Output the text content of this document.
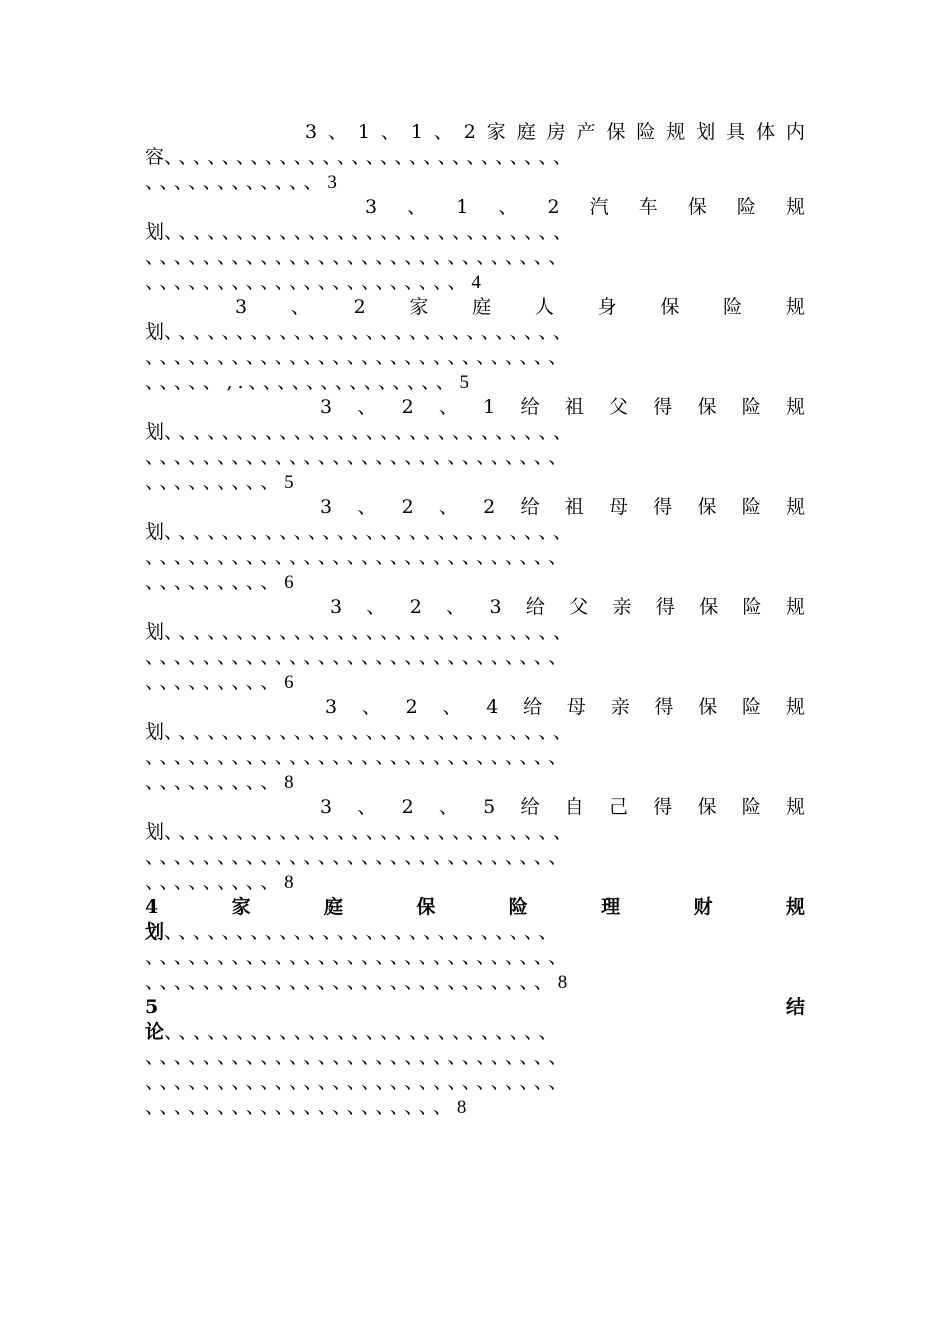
3 、 1 、 1 、 2 家 庭 房 产 保 险 规 划 具 体 内
容、、、、、、、、、、、、、、、、、、、、、、、、、、、、
、、、、、、、、、、、、3
3 、 1 、 2 汽 车 保 险 规
划、、、、、、、、、、、、、、、、、、、、、、、、、、、、
、、、、、、、、、、、、、、、、、、、、、、、、、、、、、
、、、、、、、、、、、、、、、、、、、、、、4
3 、 2 家 庭 人 身 保 险 规
划、、、、、、、、、、、、、、、、、、、、、、、、、、、、
、、、、、、、、、、、、、、、、、、、、、、、、、、、、、
、、、、、,.、、、、、、、、、、、、、、5
3 、 2 、 1 给 祖 父 得 保 险 规
划、、、、、、、、、、、、、、、、、、、、、、、、、、、、
、、、、、、、、、、、、、、、、、、、、、、、、、、、、、
、、、、、、、、、5
3 、 2 、 2 给 祖 母 得 保 险 规
划、、、、、、、、、、、、、、、、、、、、、、、、、、、、
、、、、、、、、、、、、、、、、、、、、、、、、、、、、、
、、、、、、、、、6
3 、 2 、 3 给 父 亲 得 保 险 规
划、、、、、、、、、、、、、、、、、、、、、、、、、、、、
、、、、、、、、、、、、、、、、、、、、、、、、、、、、、
、、、、、、、、、6
3 、 2 、 4 给 母 亲 得 保 险 规
划、、、、、、、、、、、、、、、、、、、、、、、、、、、、
、、、、、、、、、、、、、、、、、、、、、、、、、、、、、
、、、、、、、、、8
3 、 2 、 5 给 自 己 得 保 险 规
划、、、、、、、、、、、、、、、、、、、、、、、、、、、、
、、、、、、、、、、、、、、、、、、、、、、、、、、、、、
、、、、、、、、、8
4	家	庭	保	险	理	财	规
划、、、、、、、、、、、、、、、、、、、、、、、、、、、
、、、、、、、、、、、、、、、、、、、、、、、、、、、、、
、、、、、、、、、、、、、、、、、、、、、、、、、、、、8
5	结
论、、、、、、、、、、、、、、、、、、、、、、、、、、、
、、、、、、、、、、、、、、、、、、、、、、、、、、、、、
、、、、、、、、、、、、、、、、、、、、、、、、、、、、、
、、、、、、、、、、、、、、、、、、、、、8
